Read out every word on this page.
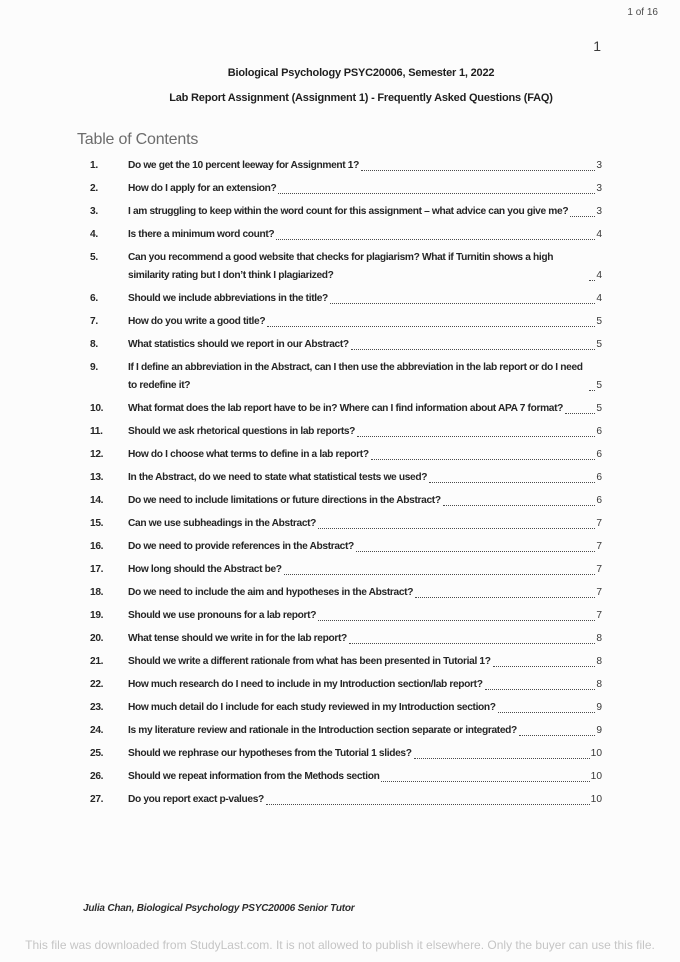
1 of 16
1
Biological Psychology PSYC20006, Semester 1, 2022
Lab Report Assignment (Assignment 1) - Frequently Asked Questions (FAQ)
Table of Contents
1.	Do we get the 10 percent leeway for Assignment 1?	3
2.	How do I apply for an extension?	3
3.	I am struggling to keep within the word count for this assignment – what advice can you give me?	3
4.	Is there a minimum word count?	4
5.	Can you recommend a good website that checks for plagiarism? What if Turnitin shows a high similarity rating but I don’t think I plagiarized?	4
6.	Should we include abbreviations in the title?	4
7.	How do you write a good title?	5
8.	What statistics should we report in our Abstract?	5
9.	If I define an abbreviation in the Abstract, can I then use the abbreviation in the lab report or do I need to redefine it?	5
10.	What format does the lab report have to be in? Where can I find information about APA 7 format?	5
11.	Should we ask rhetorical questions in lab reports?	6
12.	How do I choose what terms to define in a lab report?	6
13.	In the Abstract, do we need to state what statistical tests we used?	6
14.	Do we need to include limitations or future directions in the Abstract?	6
15.	Can we use subheadings in the Abstract?	7
16.	Do we need to provide references in the Abstract?	7
17.	How long should the Abstract be?	7
18.	Do we need to include the aim and hypotheses in the Abstract?	7
19.	Should we use pronouns for a lab report?	7
20.	What tense should we write in for the lab report?	8
21.	Should we write a different rationale from what has been presented in Tutorial 1?	8
22.	How much research do I need to include in my Introduction section/lab report?	8
23.	How much detail do I include for each study reviewed in my Introduction section?	9
24.	Is my literature review and rationale in the Introduction section separate or integrated?	9
25.	Should we rephrase our hypotheses from the Tutorial 1 slides?	10
26.	Should we repeat information from the Methods section	10
27.	Do you report exact p-values?	10
Julia Chan, Biological Psychology PSYC20006 Senior Tutor
This file was downloaded from StudyLast.com. It is not allowed to publish it elsewhere. Only the buyer can use this file.
